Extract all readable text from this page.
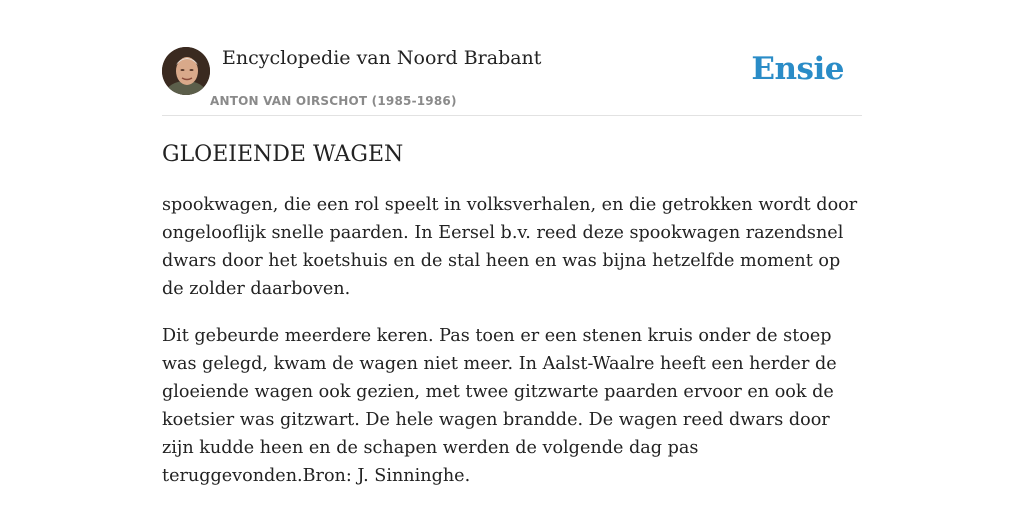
Encyclopedie van Noord Brabant
ANTON VAN OIRSCHOT (1985-1986)
Ensie
GLOEIENDE WAGEN

spookwagen, die een rol speelt in volksverhalen, en die getrokken wordt door ongelooflijk snelle paarden. In Eersel b.v. reed deze spookwagen razendsnel dwars door het koetshuis en de stal heen en was bijna hetzelfde moment op de zolder daarboven.

Dit gebeurde meerdere keren. Pas toen er een stenen kruis onder de stoep was gelegd, kwam de wagen niet meer. In Aalst-Waalre heeft een herder de gloeiende wagen ook gezien, met twee gitzwarte paarden ervoor en ook de koetsier was gitzwart. De hele wagen brandde. De wagen reed dwars door zijn kudde heen en de schapen werden de volgende dag pas teruggevonden.Bron: J. Sinninghe.
